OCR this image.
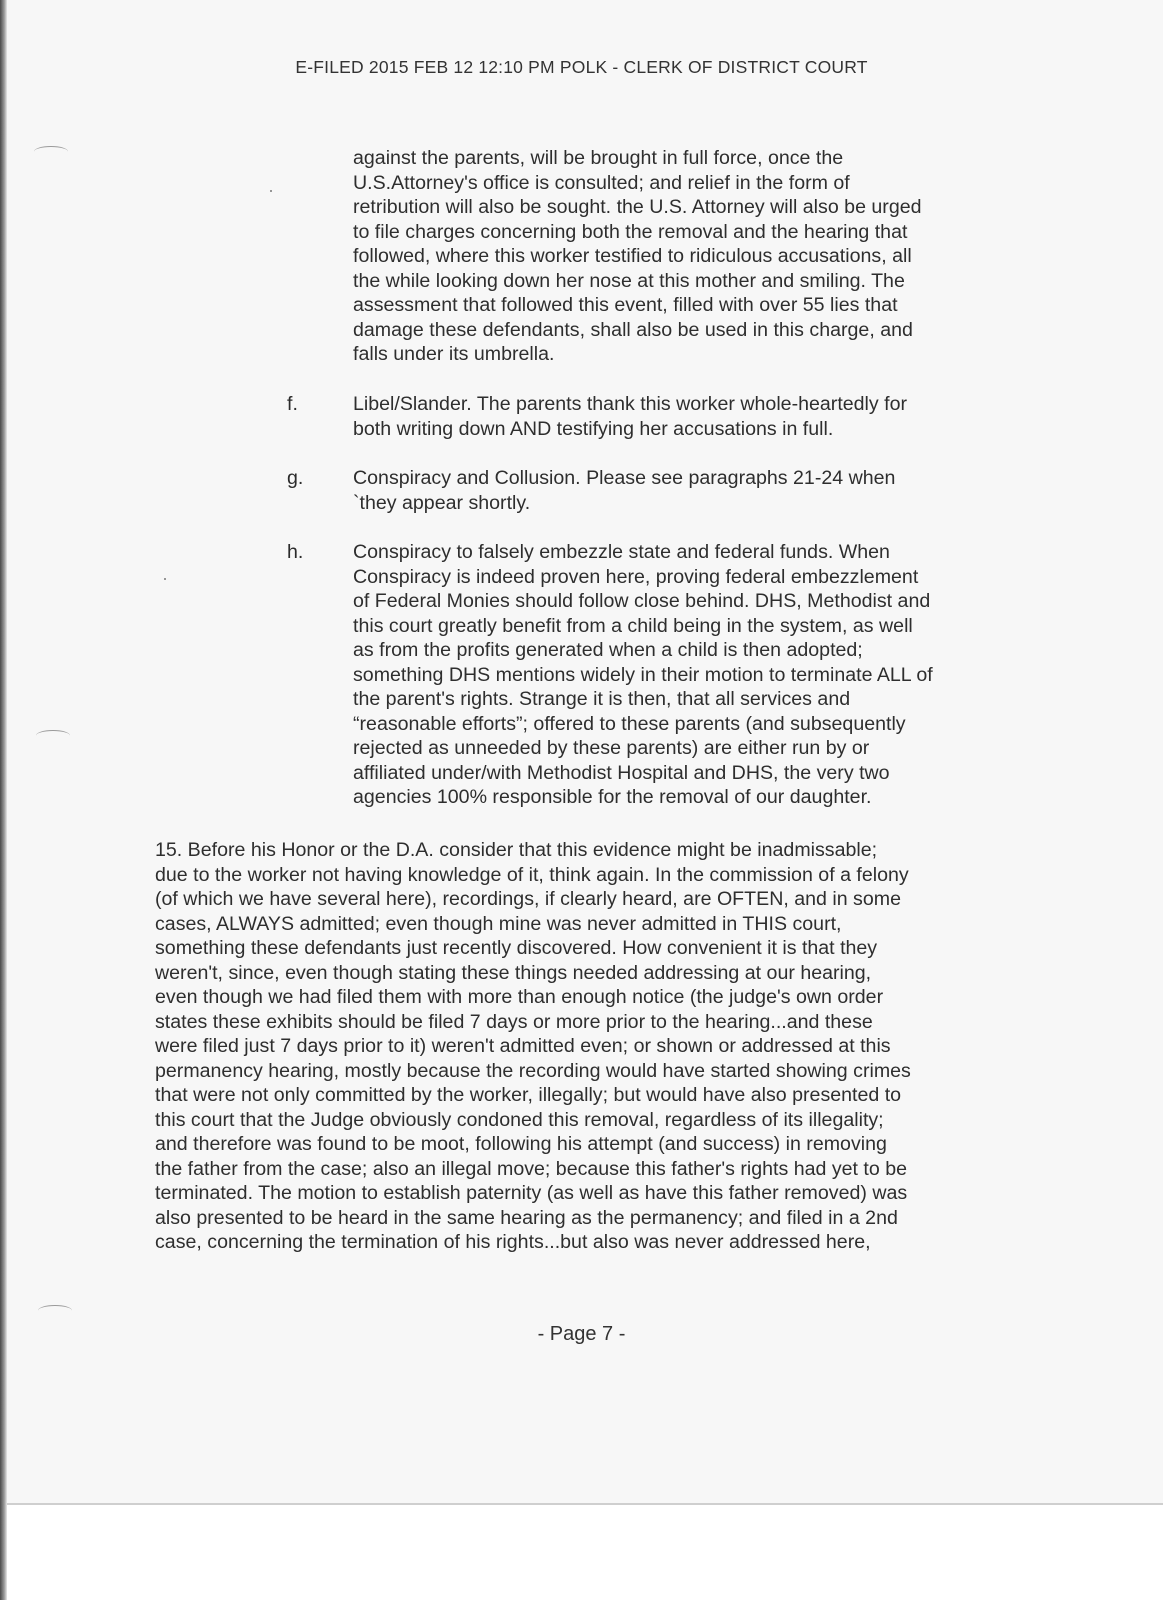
E-FILED 2015 FEB 12 12:10 PM POLK - CLERK OF DISTRICT COURT
against the parents, will be brought in full force, once the
U.S.Attorney's office is consulted; and relief in the form of
retribution will also be sought. the U.S. Attorney will also be urged
to file charges concerning both the removal and the hearing that
followed, where this worker testified to ridiculous accusations, all
the while looking down her nose at this mother and smiling. The
assessment that followed this event, filled with over 55 lies that
damage these defendants, shall also be used in this charge, and
falls under its umbrella.
f.	Libel/Slander. The parents thank this worker whole-heartedly for
both writing down AND testifying her accusations in full.
g.	Conspiracy and Collusion. Please see paragraphs 21-24 when
`they appear shortly.
h.	Conspiracy to falsely embezzle state and federal funds. When
Conspiracy is indeed proven here, proving federal embezzlement
of Federal Monies should follow close behind. DHS, Methodist and
this court greatly benefit from a child being in the system, as well
as from the profits generated when a child is then adopted;
something DHS mentions widely in their motion to terminate ALL of
the parent's rights. Strange it is then, that all services and
“reasonable efforts”; offered to these parents (and subsequently
rejected as unneeded by these parents) are either run by or
affiliated under/with Methodist Hospital and DHS, the very two
agencies 100% responsible for the removal of our daughter.
15. Before his Honor or the D.A. consider that this evidence might be inadmissable;
due to the worker not having knowledge of it, think again. In the commission of a felony
(of which we have several here), recordings, if clearly heard, are OFTEN, and in some
cases, ALWAYS admitted; even though mine was never admitted in THIS court,
something these defendants just recently discovered. How convenient it is that they
weren't, since, even though stating these things needed addressing at our hearing,
even though we had filed them with more than enough notice (the judge's own order
states these exhibits should be filed 7 days or more prior to the hearing...and these
were filed just 7 days prior to it) weren't admitted even; or shown or addressed at this
permanency hearing, mostly because the recording would have started showing crimes
that were not only committed by the worker, illegally; but would have also presented to
this court that the Judge obviously condoned this removal, regardless of its illegality;
and therefore was found to be moot, following his attempt (and success) in removing
the father from the case; also an illegal move; because this father's rights had yet to be
terminated. The motion to establish paternity (as well as have this father removed) was
also presented to be heard in the same hearing as the permanency; and filed in a 2nd
case, concerning the termination of his rights...but also was never addressed here,
- Page 7 -
